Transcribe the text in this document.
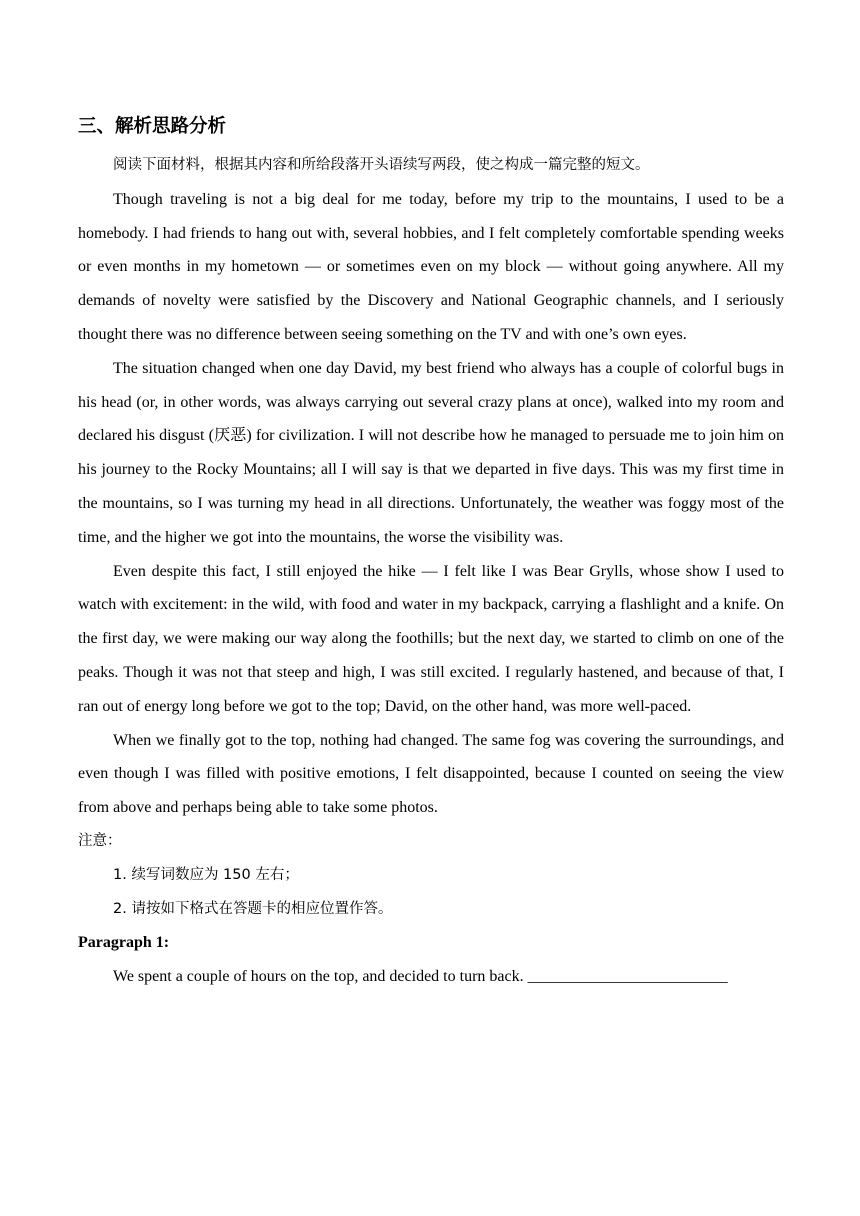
三、解析思路分析

阅读下面材料，根据其内容和所给段落开头语续写两段，使之构成一篇完整的短文。

Though traveling is not a big deal for me today, before my trip to the mountains, I used to be a homebody. I had friends to hang out with, several hobbies, and I felt completely comfortable spending weeks or even months in my hometown — or sometimes even on my block — without going anywhere. All my demands of novelty were satisfied by the Discovery and National Geographic channels, and I seriously thought there was no difference between seeing something on the TV and with one’s own eyes.

The situation changed when one day David, my best friend who always has a couple of colorful bugs in his head (or, in other words, was always carrying out several crazy plans at once), walked into my room and declared his disgust (厌恶) for civilization. I will not describe how he managed to persuade me to join him on his journey to the Rocky Mountains; all I will say is that we departed in five days. This was my first time in the mountains, so I was turning my head in all directions. Unfortunately, the weather was foggy most of the time, and the higher we got into the mountains, the worse the visibility was.

Even despite this fact, I still enjoyed the hike — I felt like I was Bear Grylls, whose show I used to watch with excitement: in the wild, with food and water in my backpack, carrying a flashlight and a knife. On the first day, we were making our way along the foothills; but the next day, we started to climb on one of the peaks. Though it was not that steep and high, I was still excited. I regularly hastened, and because of that, I ran out of energy long before we got to the top; David, on the other hand, was more well-paced.

When we finally got to the top, nothing had changed. The same fog was covering the surroundings, and even though I was filled with positive emotions, I felt disappointed, because I counted on seeing the view from above and perhaps being able to take some photos.

注意：

1. 续写词数应为 150 左右；

2. 请按如下格式在答题卡的相应位置作答。

Paragraph 1:

We spent a couple of hours on the top, and decided to turn back. _________________________
